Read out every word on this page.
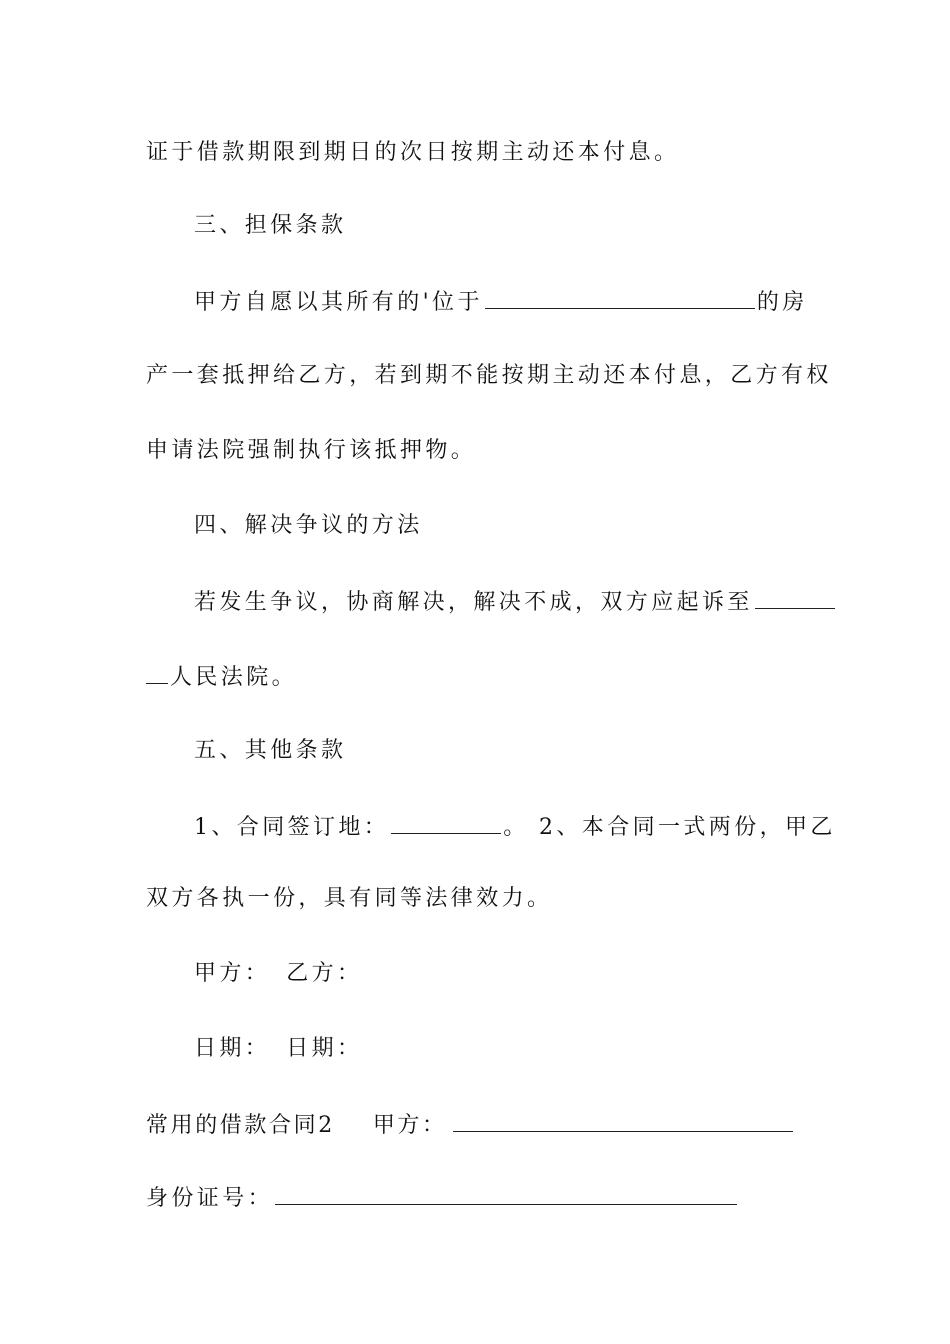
证于借款期限到期日的次日按期主动还本付息。
三、担保条款
甲方自愿以其所有的'位于	的房
产一套抵押给乙方，若到期不能按期主动还本付息，乙方有权
申请法院强制执行该抵押物。
四、解决争议的方法
若发生争议，协商解决，解决不成，双方应起诉至
人民法院。
五、其他条款
1、合同签订地：	。 2、本合同一式两份，甲乙
双方各执一份，具有同等法律效力。
甲方： 乙方：
日期： 日期：
常用的借款合同2 甲方：
身份证号：
